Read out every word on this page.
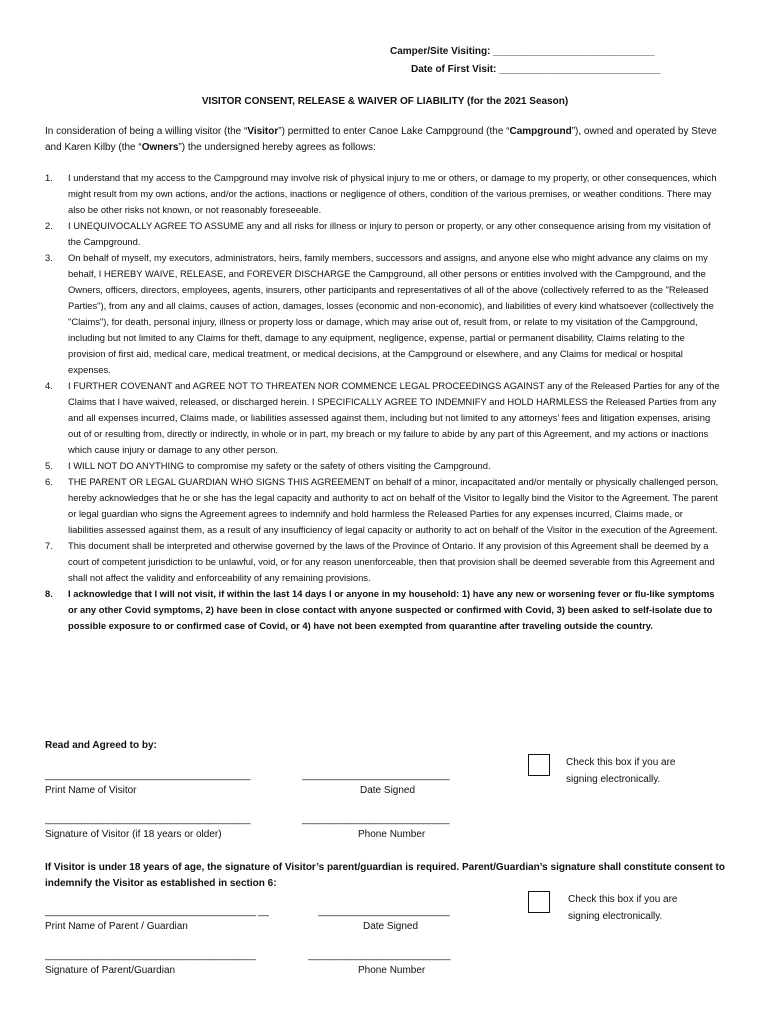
Camper/Site Visiting: _____________________________
Date of First Visit: _____________________________
VISITOR CONSENT, RELEASE & WAIVER OF LIABILITY (for the 2021 Season)
In consideration of being a willing visitor (the “Visitor”) permitted to enter Canoe Lake Campground (the “Campground”), owned and operated by Steve and Karen Kilby (the “Owners”) the undersigned hereby agrees as follows:
1. I understand that my access to the Campground may involve risk of physical injury to me or others, or damage to my property, or other consequences, which might result from my own actions, and/or the actions, inactions or negligence of others, condition of the various premises, or weather conditions. There may also be other risks not known, or not reasonably foreseeable.
2. I UNEQUIVOCALLY AGREE TO ASSUME any and all risks for illness or injury to person or property, or any other consequence arising from my visitation of the Campground.
3. On behalf of myself, my executors, administrators, heirs, family members, successors and assigns, and anyone else who might advance any claims on my behalf, I HEREBY WAIVE, RELEASE, and FOREVER DISCHARGE the Campground, all other persons or entities involved with the Campground, and the Owners, officers, directors, employees, agents, insurers, other participants and representatives of all of the above (collectively referred to as the "Released Parties"), from any and all claims, causes of action, damages, losses (economic and non-economic), and liabilities of every kind whatsoever (collectively the "Claims"), for death, personal injury, illness or property loss or damage, which may arise out of, result from, or relate to my visitation of the Campground, including but not limited to any Claims for theft, damage to any equipment, negligence, expense, partial or permanent disability, Claims relating to the provision of first aid, medical care, medical treatment, or medical decisions, at the Campground or elsewhere, and any Claims for medical or hospital expenses.
4. I FURTHER COVENANT and AGREE NOT TO THREATEN NOR COMMENCE LEGAL PROCEEDINGS AGAINST any of the Released Parties for any of the Claims that I have waived, released, or discharged herein. I SPECIFICALLY AGREE TO INDEMNIFY and HOLD HARMLESS the Released Parties from any and all expenses incurred, Claims made, or liabilities assessed against them, including but not limited to any attorneys’ fees and litigation expenses, arising out of or resulting from, directly or indirectly, in whole or in part, my breach or my failure to abide by any part of this Agreement, and my actions or inactions which cause injury or damage to any other person.
5. I WILL NOT DO ANYTHING to compromise my safety or the safety of others visiting the Campground.
6. THE PARENT OR LEGAL GUARDIAN WHO SIGNS THIS AGREEMENT on behalf of a minor, incapacitated and/or mentally or physically challenged person, hereby acknowledges that he or she has the legal capacity and authority to act on behalf of the Visitor to legally bind the Visitor to the Agreement. The parent or legal guardian who signs the Agreement agrees to indemnify and hold harmless the Released Parties for any expenses incurred, Claims made, or liabilities assessed against them, as a result of any insufficiency of legal capacity or authority to act on behalf of the Visitor in the execution of the Agreement.
7. This document shall be interpreted and otherwise governed by the laws of the Province of Ontario. If any provision of this Agreement shall be deemed by a court of competent jurisdiction to be unlawful, void, or for any reason unenforceable, then that provision shall be deemed severable from this Agreement and shall not affect the validity and enforceability of any remaining provisions.
8. I acknowledge that I will not visit, if within the last 14 days I or anyone in my household: 1) have any new or worsening fever or flu-like symptoms or any other Covid symptoms, 2) have been in close contact with anyone suspected or confirmed with Covid, 3) been asked to self-isolate due to possible exposure to or confirmed case of Covid, or 4) have not been exempted from quarantine after traveling outside the country.
Read and Agreed to by:
_______________________________________
Print Name of Visitor
____________________________
Date Signed
Check this box if you are signing electronically.
_______________________________________
Signature of Visitor (if 18 years or older)
____________________________
Phone Number
If Visitor is under 18 years of age, the signature of Visitor’s parent/guardian is required. Parent/Guardian’s signature shall constitute consent to indemnify the Visitor as established in section 6:
________________________________________ __
Print Name of Parent / Guardian
_________________________
Date Signed
Check this box if you are signing electronically.
________________________________________
Signature of Parent/Guardian
___________________________
Phone Number
